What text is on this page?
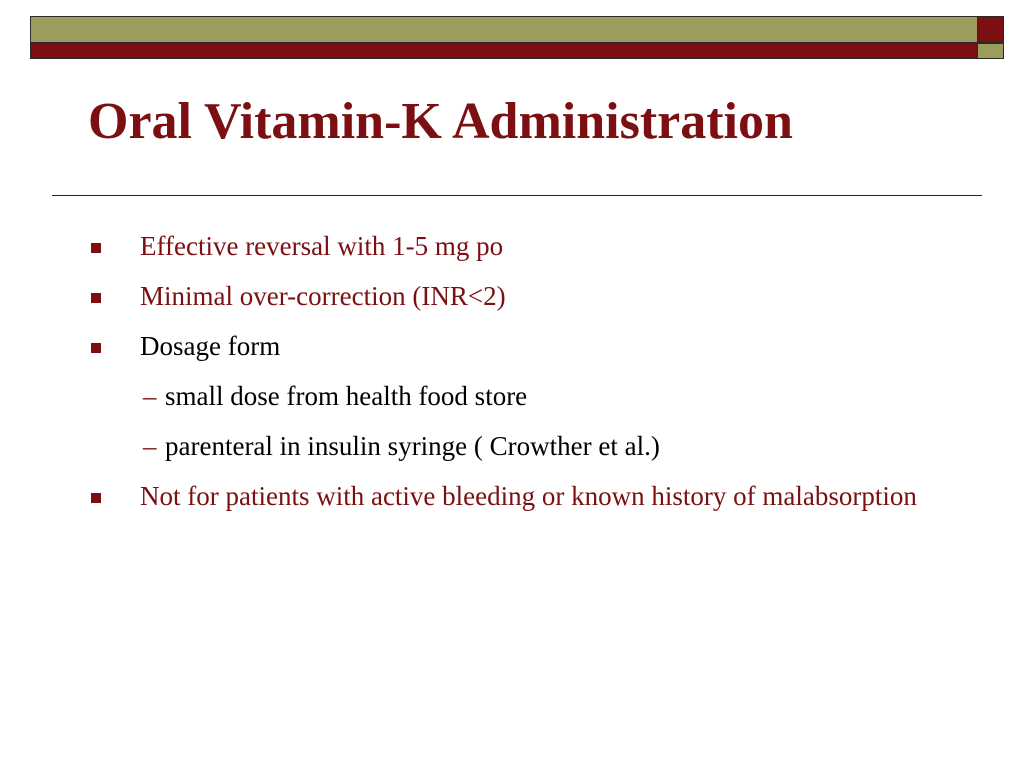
Oral Vitamin-K Administration
Effective reversal with 1-5 mg po
Minimal over-correction (INR<2)
Dosage form
– small dose from health food store
– parenteral in insulin syringe ( Crowther et al.)
Not for patients with active bleeding or known history of malabsorption
